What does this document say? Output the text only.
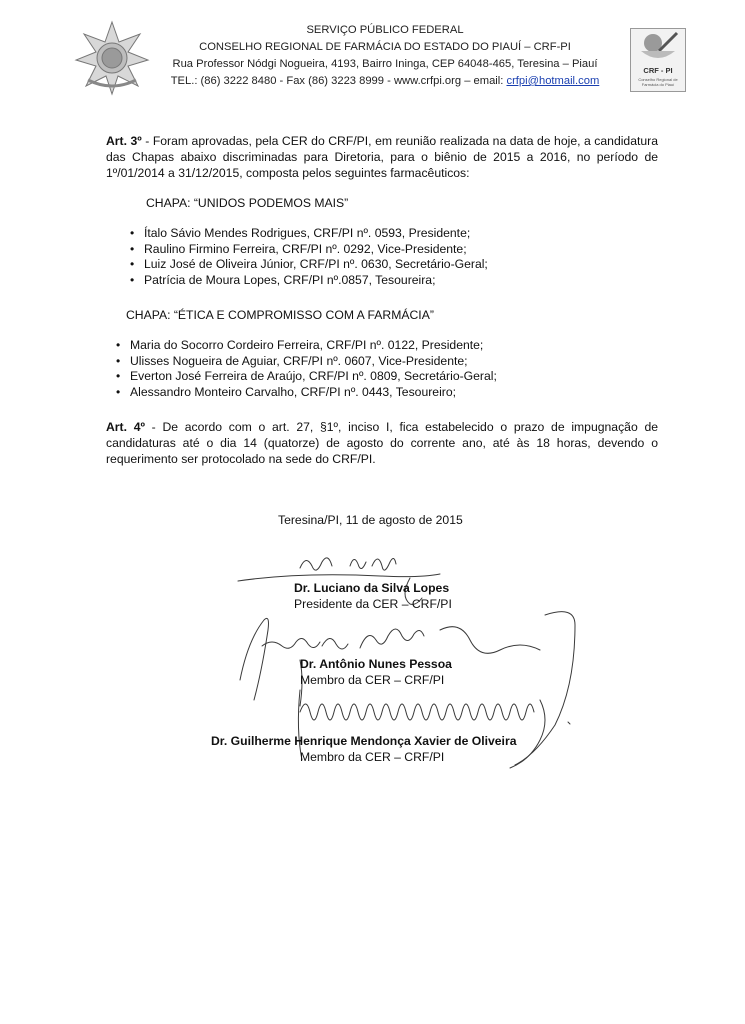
SERVIÇO PÚBLICO FEDERAL
CONSELHO REGIONAL DE FARMÁCIA DO ESTADO DO PIAUÍ – CRF-PI
Rua Professor Nódgi Nogueira, 4193, Bairro Ininga, CEP 64048-465, Teresina – Piauí
TEL.: (86) 3222 8480 - Fax (86) 3223 8999 - www.crfpi.org – email: crfpi@hotmail.com
CRF - PI
Conselho Regional de Farmácia do Piauí
Art. 3º - Foram aprovadas, pela CER do CRF/PI, em reunião realizada na data de hoje, a candidatura das Chapas abaixo discriminadas para Diretoria, para o biênio de 2015 a 2016, no período de 1º/01/2014 a 31/12/2015, composta pelos seguintes farmacêuticos:
CHAPA: “UNIDOS PODEMOS MAIS”
• Ítalo Sávio Mendes Rodrigues, CRF/PI nº. 0593, Presidente;
• Raulino Firmino Ferreira, CRF/PI nº. 0292, Vice-Presidente;
• Luiz José de Oliveira Júnior, CRF/PI nº. 0630, Secretário-Geral;
• Patrícia de Moura Lopes, CRF/PI nº.0857, Tesoureira;
CHAPA: “ÉTICA E COMPROMISSO COM A FARMÁCIA”
• Maria do Socorro Cordeiro Ferreira, CRF/PI nº. 0122, Presidente;
• Ulisses Nogueira de Aguiar, CRF/PI nº. 0607, Vice-Presidente;
• Everton José Ferreira de Araújo, CRF/PI nº. 0809, Secretário-Geral;
• Alessandro Monteiro Carvalho, CRF/PI nº. 0443, Tesoureiro;
Art. 4º - De acordo com o art. 27, §1º, inciso I, fica estabelecido o prazo de impugnação de candidaturas até o dia 14 (quatorze) de agosto do corrente ano, até às 18 horas, devendo o requerimento ser protocolado na sede do CRF/PI.
Teresina/PI, 11 de agosto de 2015
Dr. Luciano da Silva Lopes
Presidente da CER – CRF/PI
Dr. Antônio Nunes Pessoa
Membro da CER – CRF/PI
Dr. Guilherme Henrique Mendonça Xavier de Oliveira
Membro da CER – CRF/PI
